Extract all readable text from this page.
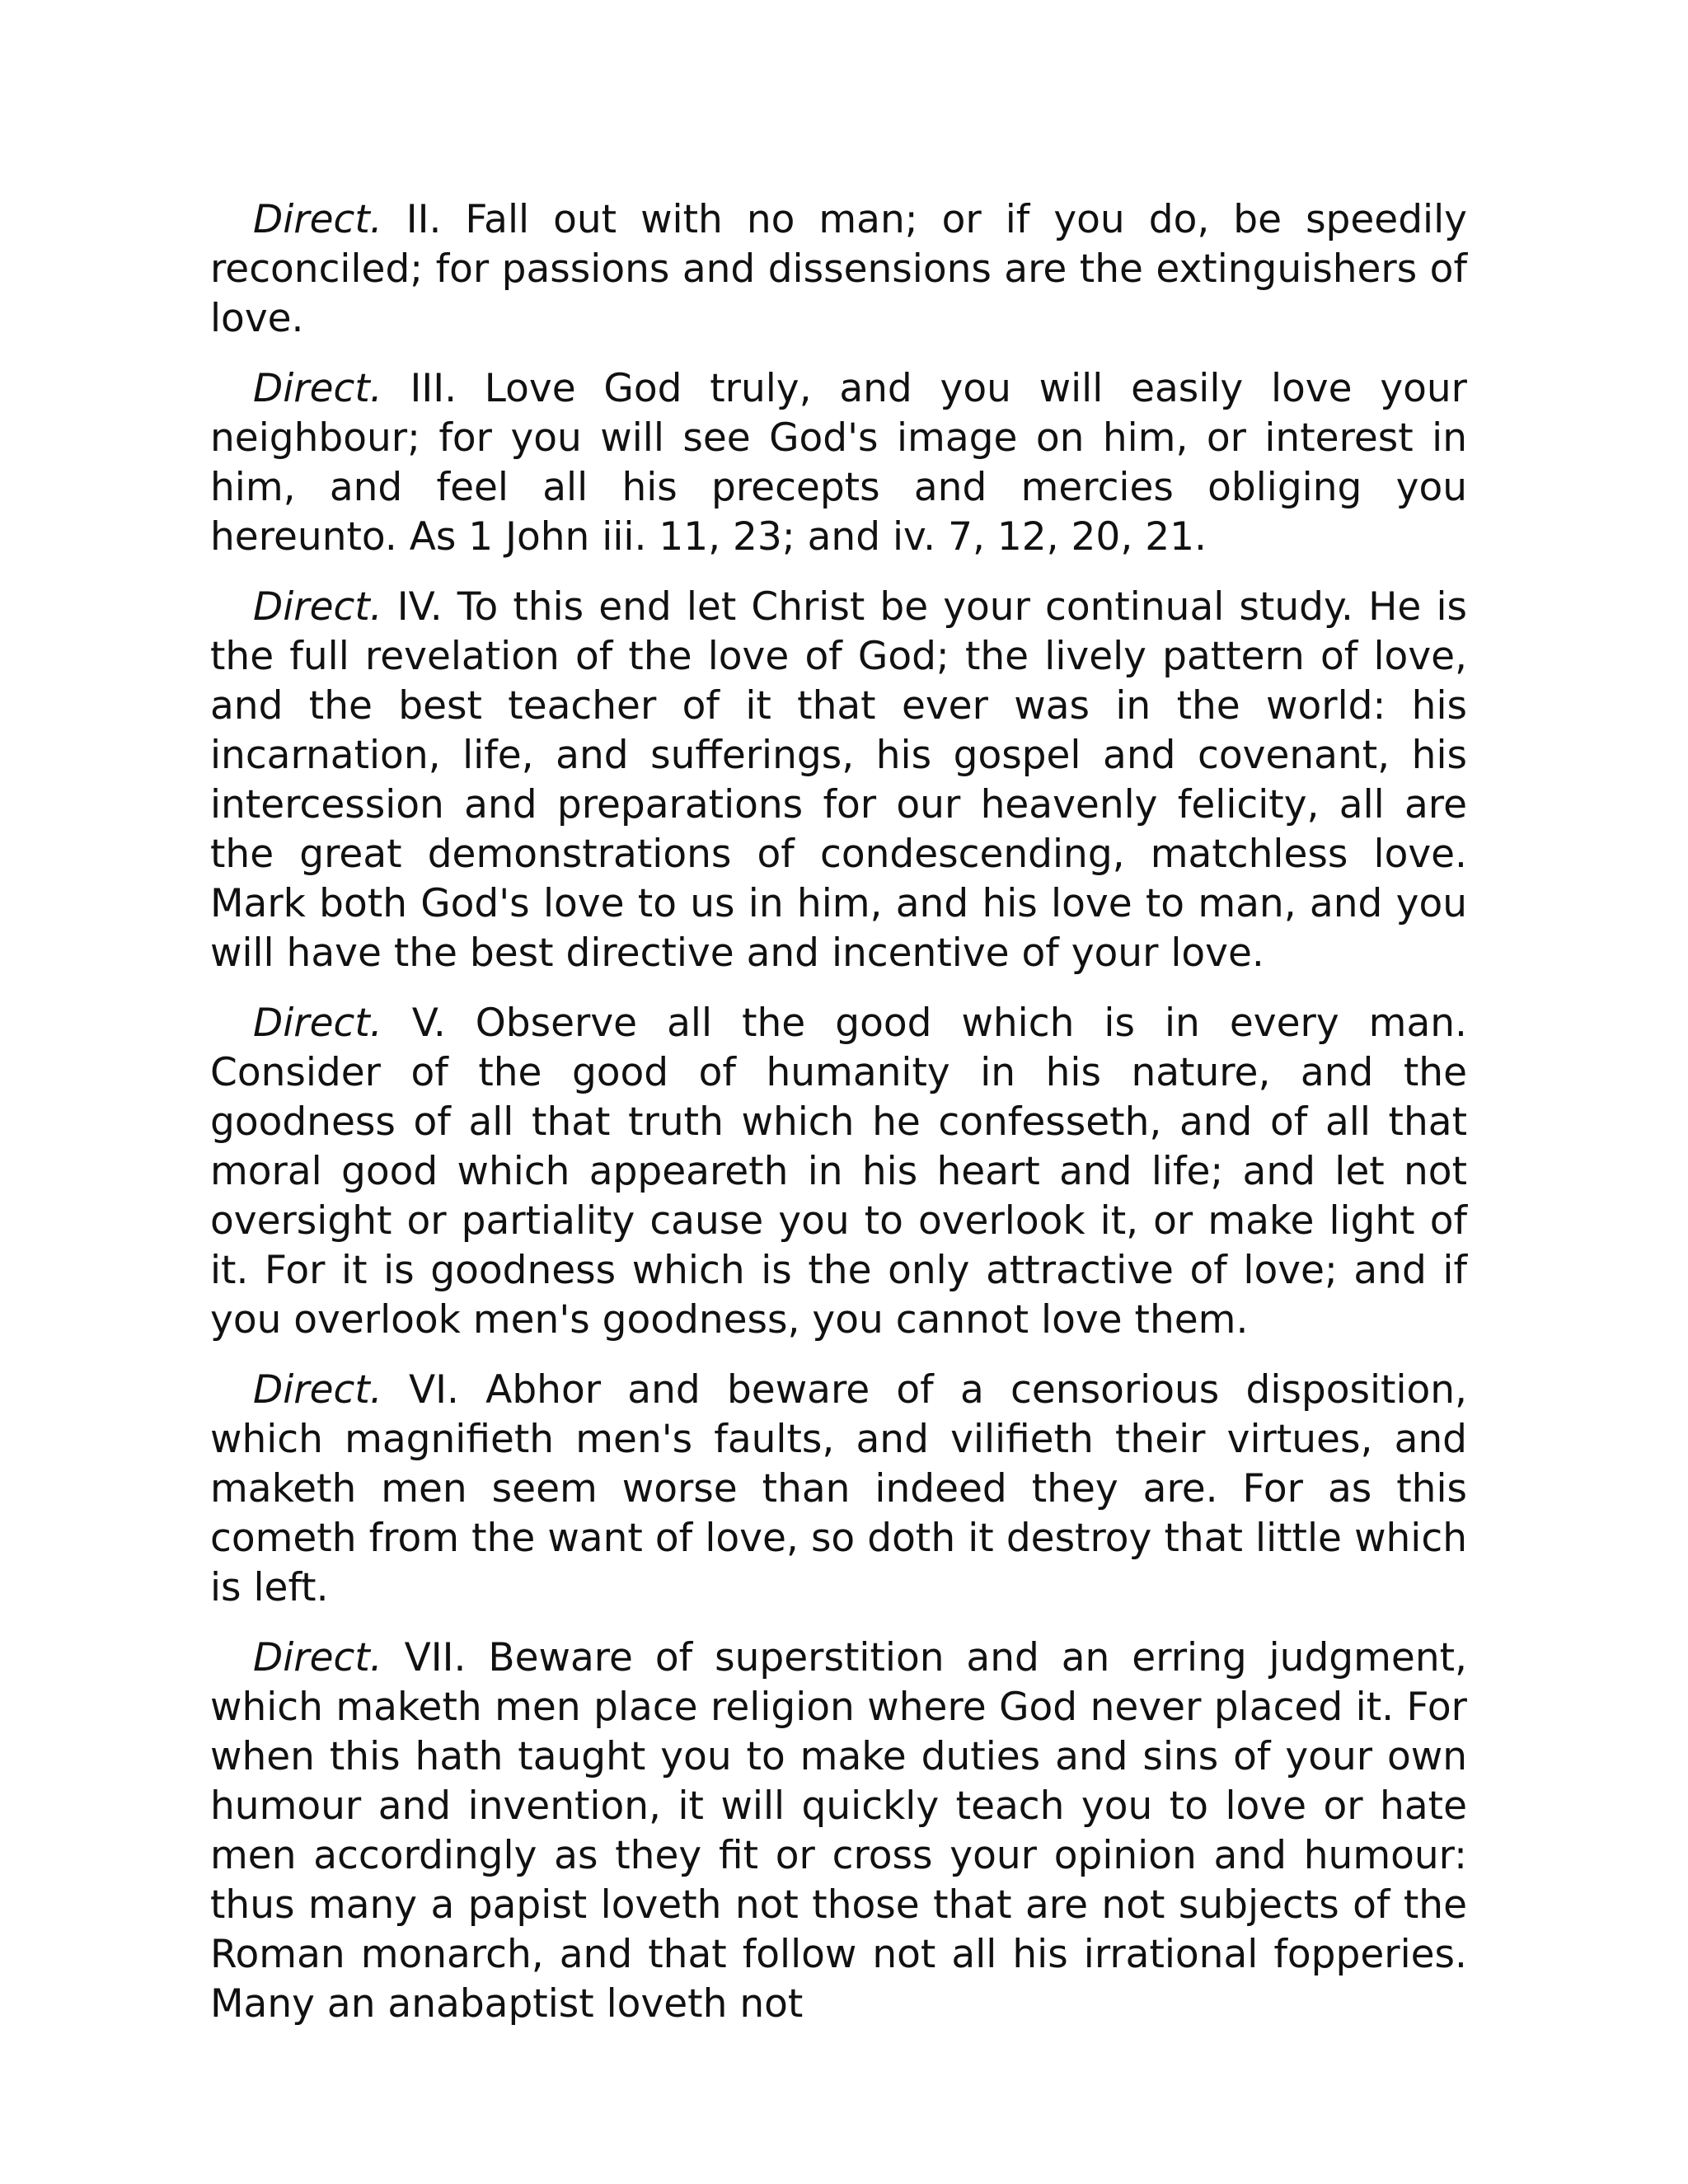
Direct. II. Fall out with no man; or if you do, be speedily reconciled; for passions and dissensions are the extinguishers of love.

Direct. III. Love God truly, and you will easily love your neighbour; for you will see God's image on him, or interest in him, and feel all his precepts and mercies obliging you hereunto. As 1 John iii. 11, 23; and iv. 7, 12, 20, 21.

Direct. IV. To this end let Christ be your continual study. He is the full revelation of the love of God; the lively pattern of love, and the best teacher of it that ever was in the world: his incarnation, life, and sufferings, his gospel and covenant, his intercession and preparations for our heavenly felicity, all are the great demonstrations of condescending, matchless love. Mark both God's love to us in him, and his love to man, and you will have the best directive and incentive of your love.

Direct. V. Observe all the good which is in every man. Consider of the good of humanity in his nature, and the goodness of all that truth which he confesseth, and of all that moral good which appeareth in his heart and life; and let not oversight or partiality cause you to overlook it, or make light of it. For it is goodness which is the only attractive of love; and if you overlook men's goodness, you cannot love them.

Direct. VI. Abhor and beware of a censorious disposition, which magnifieth men's faults, and vilifieth their virtues, and maketh men seem worse than indeed they are. For as this cometh from the want of love, so doth it destroy that little which is left.

Direct. VII. Beware of superstition and an erring judgment, which maketh men place religion where God never placed it. For when this hath taught you to make duties and sins of your own humour and invention, it will quickly teach you to love or hate men accordingly as they fit or cross your opinion and humour: thus many a papist loveth not those that are not subjects of the Roman monarch, and that follow not all his irrational fopperies. Many an anabaptist loveth not
